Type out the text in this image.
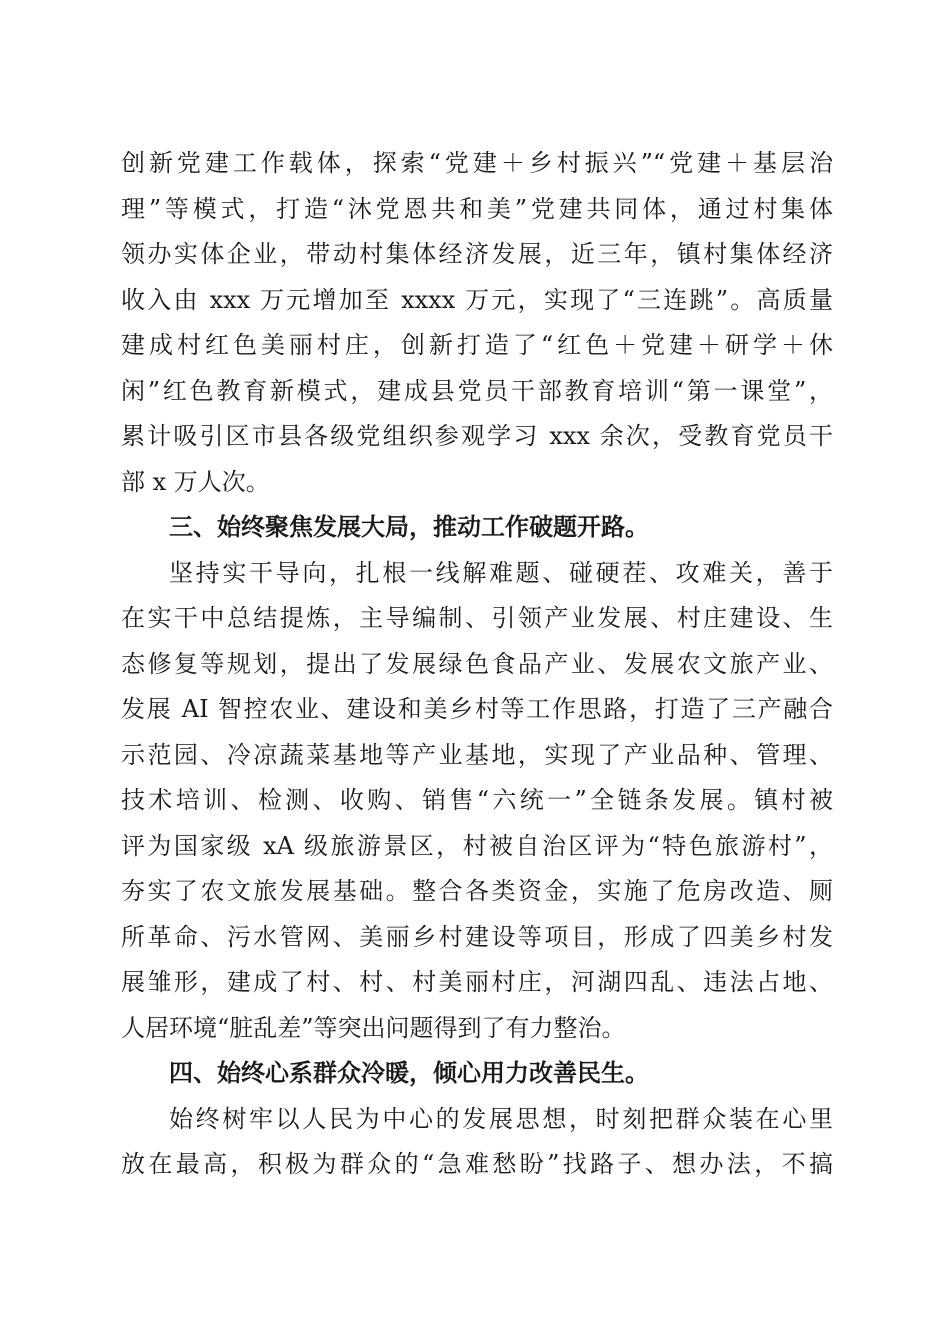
创新党建工作载体，探索“党建＋乡村振兴”“党建＋基层治
理”等模式，打造“沐党恩共和美”党建共同体，通过村集体
领办实体企业，带动村集体经济发展，近三年，镇村集体经济
收入由 xxx 万元增加至 xxxx 万元，实现了“三连跳”。高质量
建成村红色美丽村庄，创新打造了“红色＋党建＋研学＋休
闲”红色教育新模式，建成县党员干部教育培训“第一课堂”，
累计吸引区市县各级党组织参观学习 xxx 余次，受教育党员干
部 x 万人次。
三、始终聚焦发展大局，推动工作破题开路。
坚持实干导向，扎根一线解难题、碰硬茬、攻难关，善于
在实干中总结提炼，主导编制、引领产业发展、村庄建设、生
态修复等规划，提出了发展绿色食品产业、发展农文旅产业、
发展 AI 智控农业、建设和美乡村等工作思路，打造了三产融合
示范园、冷凉蔬菜基地等产业基地，实现了产业品种、管理、
技术培训、检测、收购、销售“六统一”全链条发展。镇村被
评为国家级 xA 级旅游景区，村被自治区评为“特色旅游村”，
夯实了农文旅发展基础。整合各类资金，实施了危房改造、厕
所革命、污水管网、美丽乡村建设等项目，形成了四美乡村发
展雏形，建成了村、村、村美丽村庄，河湖四乱、违法占地、
人居环境“脏乱差”等突出问题得到了有力整治。
四、始终心系群众冷暖，倾心用力改善民生。
始终树牢以人民为中心的发展思想，时刻把群众装在心里
放在最高，积极为群众的“急难愁盼”找路子、想办法，不搞
